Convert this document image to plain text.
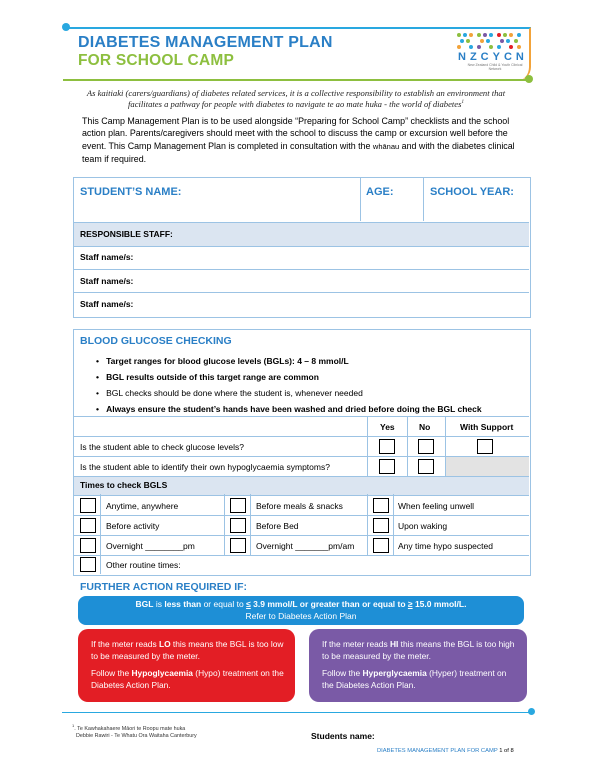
DIABETES MANAGEMENT PLAN
FOR SCHOOL CAMP	NZCYCN
New Zealand Child & Youth Clinical Network
As kaitiaki (carers/guardians) of diabetes related services, it is a collective responsibility to establish an environment that facilitates a pathway for people with diabetes to navigate te ao mate huka - the world of diabetes$^1$
This Camp Management Plan is to be used alongside “Preparing for School Camp” checklists and the school action plan. Parents/caregivers should meet with the school to discuss the camp or excursion well before the event. This Camp Management Plan is completed in consultation with the whānau and with the diabetes clinical team if required.
STUDENT’S NAME:	AGE:	SCHOOL YEAR:
RESPONSIBLE STAFF:
Staff name/s:
Staff name/s:
Staff name/s:
BLOOD GLUCOSE CHECKING
•   Target ranges for blood glucose levels (BGLs): 4 – 8 mmol/L
•   BGL results outside of this target range are common
•   BGL checks should be done where the student is, whenever needed
•   Always ensure the student’s hands have been washed and dried before doing the BGL check
Yes	No	With Support
Is the student able to check glucose levels?
Is the student able to identify their own hypoglycaemia symptoms?
Times to check BGLS
Anytime, anywhere	Before meals & snacks	When feeling unwell
Before activity	Before Bed	Upon waking
Overnight ________pm	Overnight _______pm/am	Any time hypo suspected
Other routine times:
FURTHER ACTION REQUIRED IF:
BGL is less than or equal to ≤ 3.9 mmol/L or greater than or equal to ≥ 15.0 mmol/L.
Refer to Diabetes Action Plan
If the meter reads LO this means the BGL is too low to be measured by the meter.
Follow the Hypoglycaemia (Hypo) treatment on the Diabetes Action Plan.
If the meter reads HI this means the BGL is too high to be measured by the meter.
Follow the Hyperglycaemia (Hyper) treatment on the Diabetes Action Plan.
$^1$. Te Kawhakahaere Māori te Roopu mate huka
Debbie Rawiri - Te Whatu Ora Waitaha Canterbury	Students name:
DIABETES MANAGEMENT PLAN FOR CAMP 1 of 8
